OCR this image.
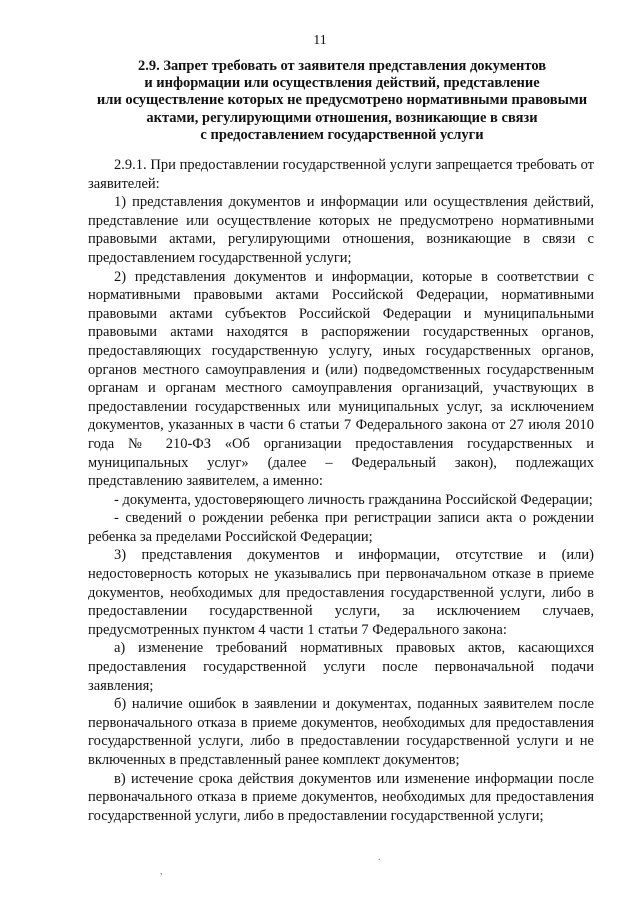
11
2.9. Запрет требовать от заявителя представления документов
и информации или осуществления действий, представление
или осуществление которых не предусмотрено нормативными правовыми
актами, регулирующими отношения, возникающие в связи
с предоставлением государственной услуги
2.9.1. При предоставлении государственной услуги запрещается требовать от заявителей:
1) представления документов и информации или осуществления действий, представление или осуществление которых не предусмотрено нормативными правовыми актами, регулирующими отношения, возникающие в связи с предоставлением государственной услуги;
2) представления документов и информации, которые в соответствии с нормативными правовыми актами Российской Федерации, нормативными правовыми актами субъектов Российской Федерации и муниципальными правовыми актами находятся в распоряжении государственных органов, предоставляющих государственную услугу, иных государственных органов, органов местного самоуправления и (или) подведомственных государственным органам и органам местного самоуправления организаций, участвующих в предоставлении государственных или муниципальных услуг, за исключением документов, указанных в части 6 статьи 7 Федерального закона от 27 июля 2010 года № 210-ФЗ «Об организации предоставления государственных и муниципальных услуг» (далее – Федеральный закон), подлежащих представлению заявителем, а именно:
- документа, удостоверяющего личность гражданина Российской Федерации;
- сведений о рождении ребенка при регистрации записи акта о рождении ребенка за пределами Российской Федерации;
3) представления документов и информации, отсутствие и (или) недостоверность которых не указывались при первоначальном отказе в приеме документов, необходимых для предоставления государственной услуги, либо в предоставлении государственной услуги, за исключением случаев, предусмотренных пунктом 4 части 1 статьи 7 Федерального закона:
а) изменение требований нормативных правовых актов, касающихся предоставления государственной услуги после первоначальной подачи заявления;
б) наличие ошибок в заявлении и документах, поданных заявителем после первоначального отказа в приеме документов, необходимых для предоставления государственной услуги, либо в предоставлении государственной услуги и не включенных в представленный ранее комплект документов;
в) истечение срока действия документов или изменение информации после первоначального отказа в приеме документов, необходимых для предоставления государственной услуги, либо в предоставлении государственной услуги;
.
,
